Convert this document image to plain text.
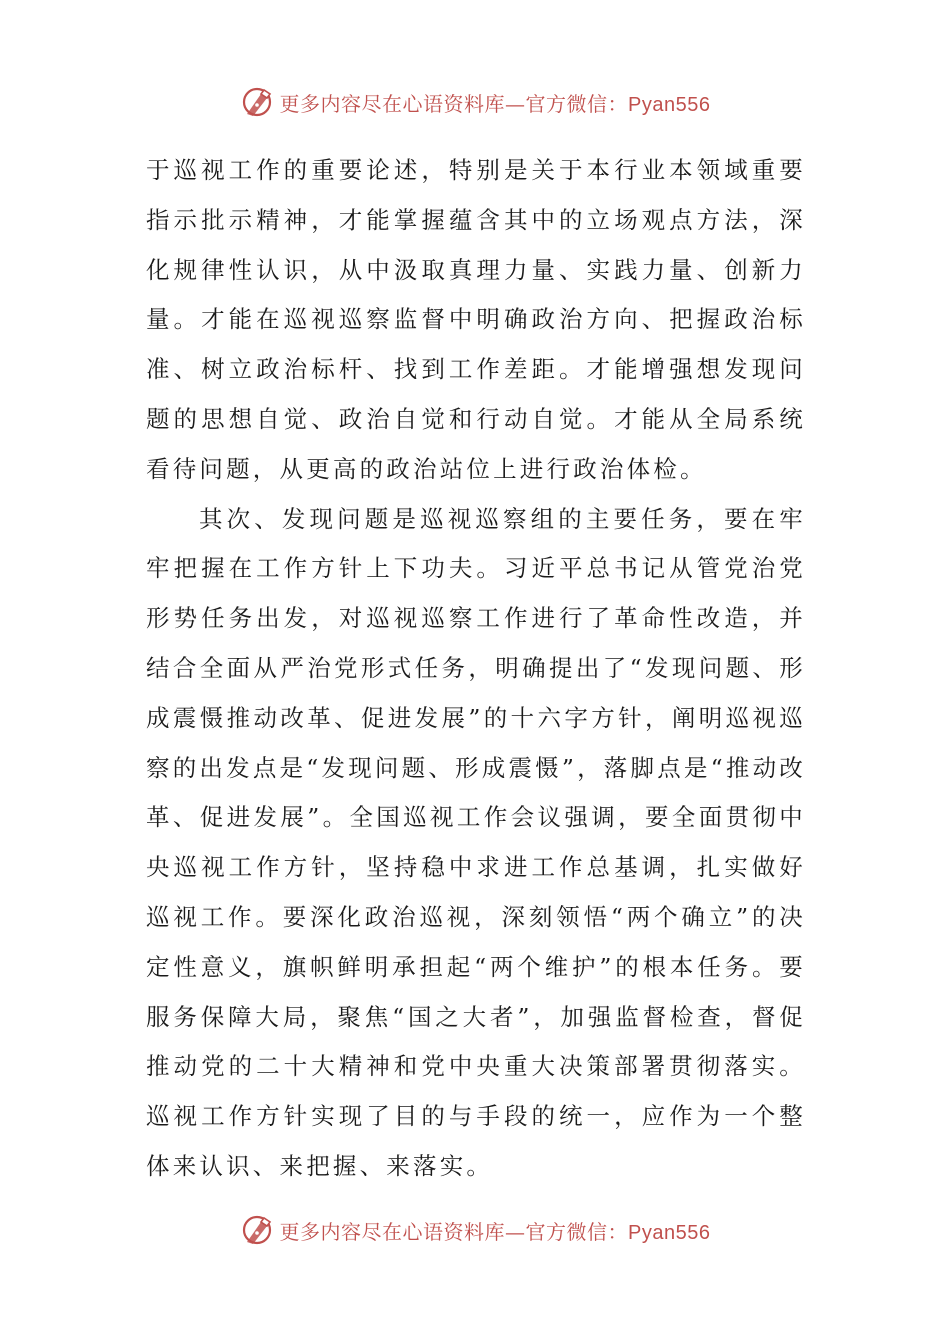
更多内容尽在心语资料库—官方微信：Pyan556

于巡视工作的重要论述，特别是关于本行业本领域重要指示批示精神，才能掌握蕴含其中的立场观点方法，深化规律性认识，从中汲取真理力量、实践力量、创新力量。才能在巡视巡察监督中明确政治方向、把握政治标准、树立政治标杆、找到工作差距。才能增强想发现问题的思想自觉、政治自觉和行动自觉。才能从全局系统看待问题，从更高的政治站位上进行政治体检。

其次、发现问题是巡视巡察组的主要任务，要在牢牢把握在工作方针上下功夫。习近平总书记从管党治党形势任务出发，对巡视巡察工作进行了革命性改造，并结合全面从严治党形式任务，明确提出了“发现问题、形成震慑推动改革、促进发展”的十六字方针，阐明巡视巡察的出发点是“发现问题、形成震慑”，落脚点是“推动改革、促进发展”。全国巡视工作会议强调，要全面贯彻中央巡视工作方针，坚持稳中求进工作总基调，扎实做好巡视工作。要深化政治巡视，深刻领悟“两个确立”的决定性意义，旗帜鲜明承担起“两个维护”的根本任务。要服务保障大局，聚焦“国之大者”，加强监督检查，督促推动党的二十大精神和党中央重大决策部署贯彻落实。巡视工作方针实现了目的与手段的统一，应作为一个整体来认识、来把握、来落实。

更多内容尽在心语资料库—官方微信：Pyan556
